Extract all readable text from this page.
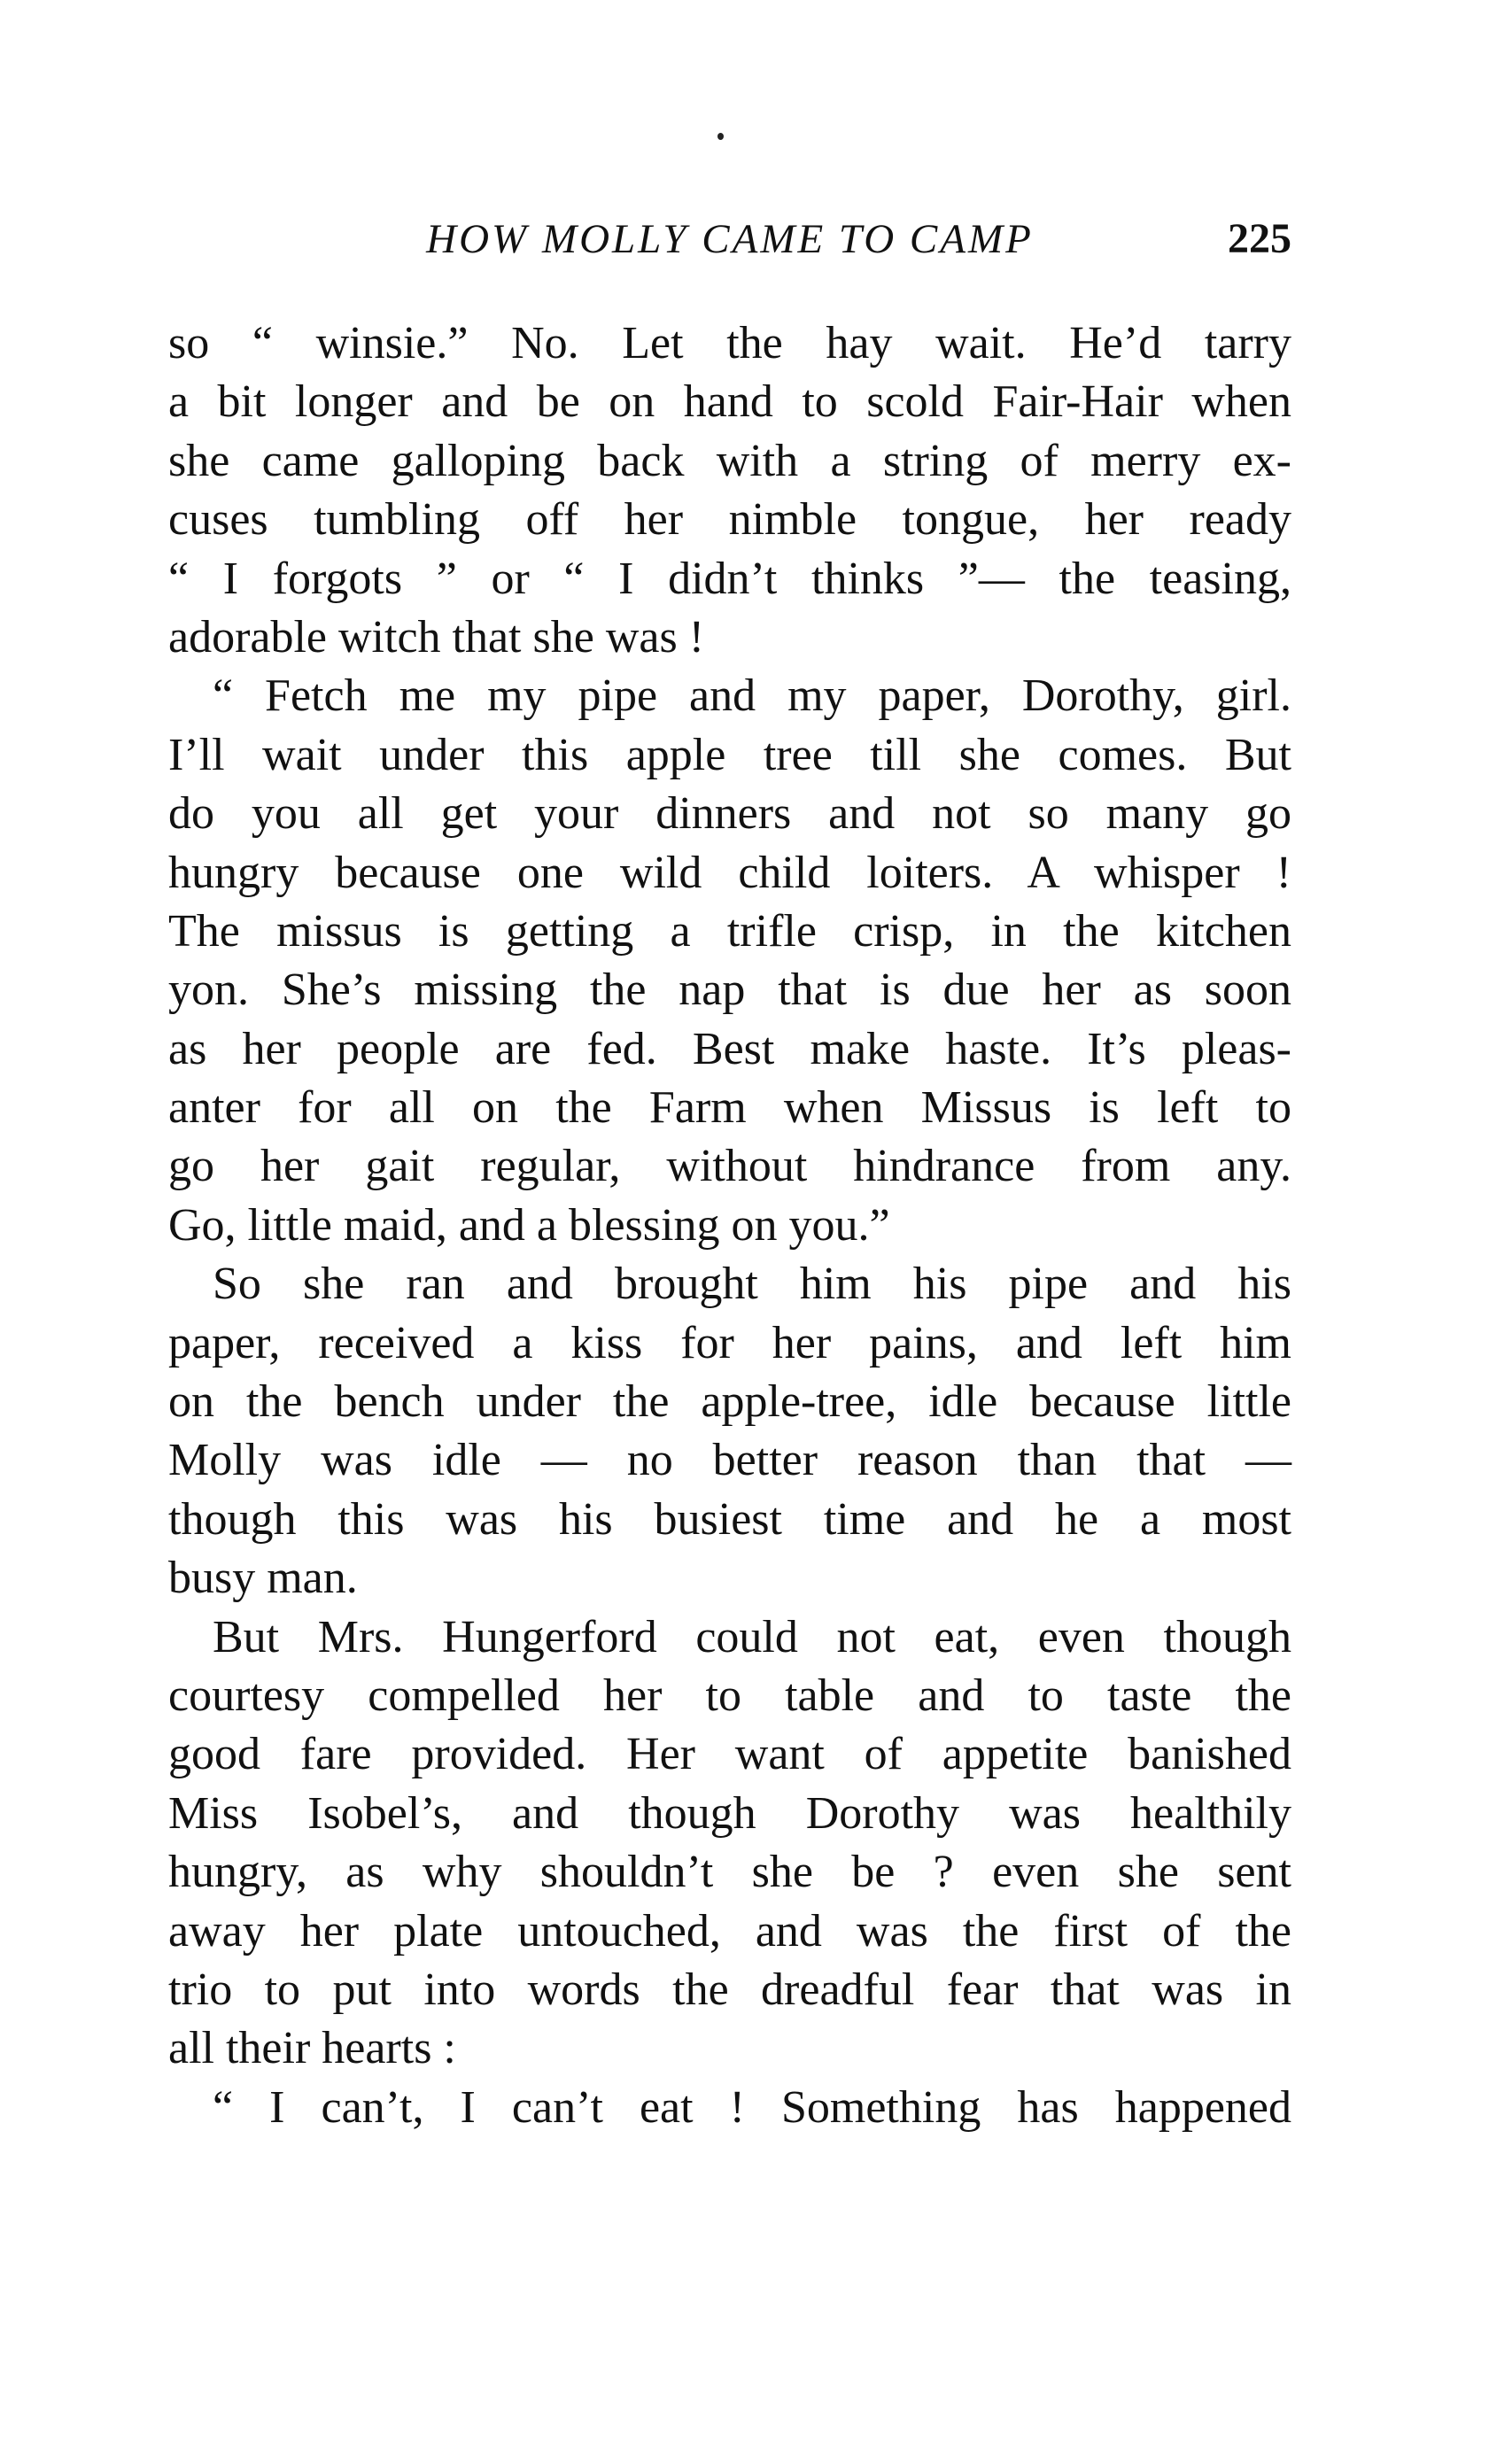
HOW MOLLY CAME TO CAMP	225
so “ winsie.” No. Let the hay wait. He’d tarry
a bit longer and be on hand to scold Fair-Hair when
she came galloping back with a string of merry ex-
cuses tumbling off her nimble tongue, her ready
“ I forgots ” or “ I didn’t thinks ”— the teasing,
adorable witch that she was !
“ Fetch me my pipe and my paper, Dorothy, girl.
I’ll wait under this apple tree till she comes. But
do you all get your dinners and not so many go
hungry because one wild child loiters. A whisper !
The missus is getting a trifle crisp, in the kitchen
yon. She’s missing the nap that is due her as soon
as her people are fed. Best make haste. It’s pleas-
anter for all on the Farm when Missus is left to
go her gait regular, without hindrance from any.
Go, little maid, and a blessing on you.”
So she ran and brought him his pipe and his
paper, received a kiss for her pains, and left him
on the bench under the apple-tree, idle because little
Molly was idle — no better reason than that —
though this was his busiest time and he a most
busy man.
But Mrs. Hungerford could not eat, even though
courtesy compelled her to table and to taste the
good fare provided. Her want of appetite banished
Miss Isobel’s, and though Dorothy was healthily
hungry, as why shouldn’t she be ? even she sent
away her plate untouched, and was the first of the
trio to put into words the dreadful fear that was in
all their hearts :
“ I can’t, I can’t eat ! Something has happened
